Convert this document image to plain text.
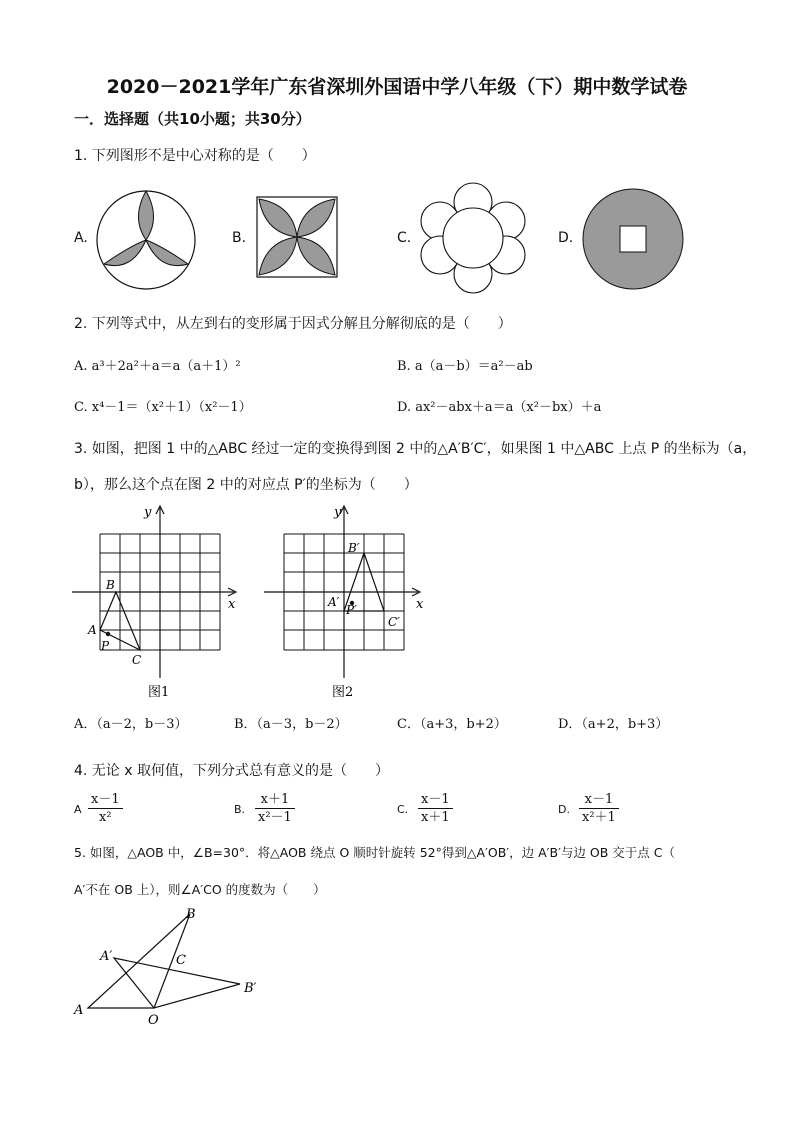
2020－2021学年广东省深圳外国语中学八年级（下）期中数学试卷
一．选择题（共10小题；共30分）
1. 下列图形不是中心对称的是（　　）
A.	B.	C.	D.
2. 下列等式中，从左到右的变形属于因式分解且分解彻底的是（　　）
A. a³＋2a²＋a＝a（a＋1）²	B. a（a－b）＝a²－ab
C. x⁴－1＝（x²＋1）（x²－1）	D. ax²－abx＋a＝a（x²－bx）＋a
3. 如图，把图 1 中的△ABC 经过一定的变换得到图 2 中的△A′B′C′，如果图 1 中△ABC 上点 P 的坐标为（a，
b），那么这个点在图 2 中的对应点 P′的坐标为（　　）
y
x
B
A
P
C
图1
y
x
B′
A′
P′
C′
图2
A．（a－2，b－3）	B．（a－3，b－2）	C．（a+3，b+2）	D．（a+2，b+3）
4. 无论 x 取何值，下列分式总有意义的是（　　）
A $\frac{x-1}{\text{x²}}$	B. $\frac{x+1}{\text{x²－1}}$	C. $\frac{x-1}{x+1}$	D. $\frac{x-1}{\text{x²＋1}}$
5. 如图，△AOB 中，∠B=30°．将△AOB 绕点 O 顺时针旋转 52°得到△A′OB′，边 A′B′与边 OB 交于点 C（
A′不在 OB 上），则∠A′CO 的度数为（　　）
A
B
C
O
A′
B′
